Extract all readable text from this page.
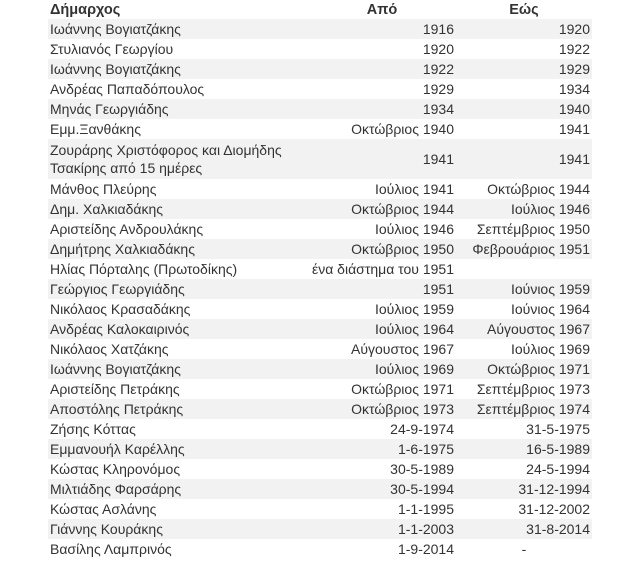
Δήμαρχος	Από	Εώς
Ιωάννης Βογιατζάκης	1916	1920
Στυλιανός Γεωργίου	1920	1922
Ιωάννης Βογιατζάκης	1922	1929
Ανδρέας Παπαδόπουλος	1929	1934
Μηνάς Γεωργιάδης	1934	1940
Εμμ.Ξανθάκης	Οκτώβριος 1940	1941
Ζουράρης Χριστόφορος και Διομήδης Τσακίρης από 15 ημέρες	1941	1941
Μάνθος Πλεύρης	Ιούλιος 1941	Οκτώβριος 1944
Δημ. Χαλκιαδάκης	Οκτώβριος 1944	Ιούλιος 1946
Αριστείδης Ανδρουλάκης	Ιούλιος 1946	Σεπτέμβριος 1950
Δημήτρης Χαλκιαδάκης	Οκτώβριος 1950	Φεβρουάριος 1951
Ηλίας Πόρταλης (Πρωτοδίκης)	ένα διάστημα του 1951	
Γεώργιος Γεωργιάδης	1951	Ιούνιος 1959
Νικόλαος Κρασαδάκης	Ιούλιος 1959	Ιούνιος 1964
Ανδρέας Καλοκαιρινός	Ιούλιος 1964	Αύγουστος 1967
Νικόλαος Χατζάκης	Αύγουστος 1967	Ιούλιος 1969
Ιωάννης Βογιατζάκης	Ιούλιος 1969	Οκτώβριος 1971
Αριστείδης Πετράκης	Οκτώβριος 1971	Σεπτέμβριος 1973
Αποστόλης Πετράκης	Οκτώβριος 1973	Σεπτέμβριος 1974
Ζήσης Κόττας	24-9-1974	31-5-1975
Εμμανουήλ Καρέλλης	1-6-1975	16-5-1989
Κώστας Κληρονόμος	30-5-1989	24-5-1994
Μιλτιάδης Φαρσάρης	30-5-1994	31-12-1994
Κώστας Ασλάνης	1-1-1995	31-12-2002
Γιάννης Κουράκης	1-1-2003	31-8-2014
Βασίλης Λαμπρινός	1-9-2014	-
